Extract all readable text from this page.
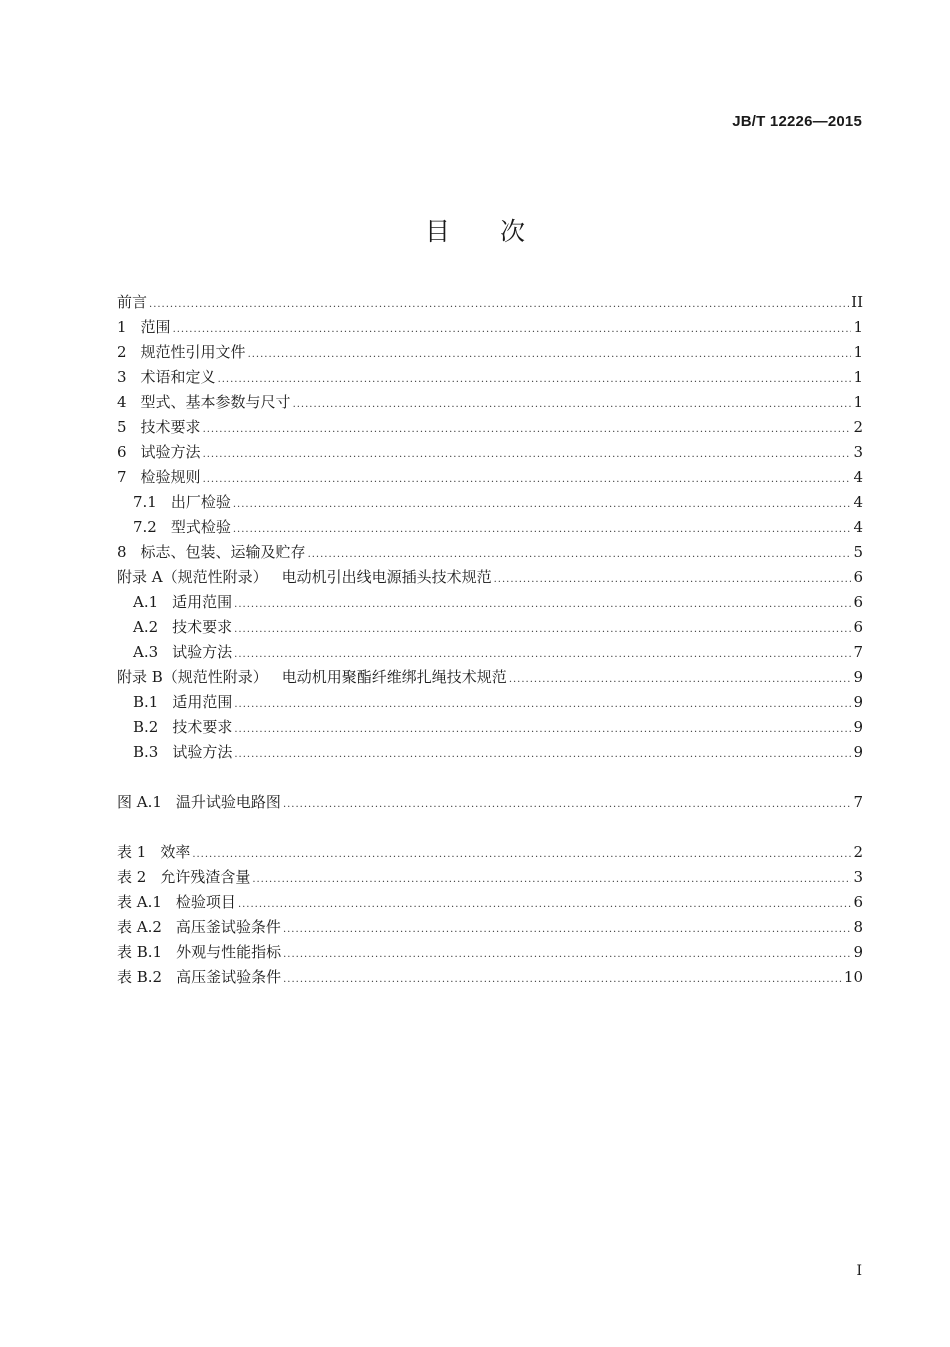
JB/T 12226—2015
目次
前言 .....	II
1 范围 .....	1
2 规范性引用文件 .....	1
3 术语和定义 .....	1
4 型式、基本参数与尺寸 .....	1
5 技术要求 .....	2
6 试验方法 .....	3
7 检验规则 .....	4
7.1 出厂检验 .....	4
7.2 型式检验 .....	4
8 标志、包装、运输及贮存 .....	5
附录 A（规范性附录） 电动机引出线电源插头技术规范 .....	6
A.1 适用范围 .....	6
A.2 技术要求 .....	6
A.3 试验方法 .....	7
附录 B（规范性附录） 电动机用聚酯纤维绑扎绳技术规范 .....	9
B.1 适用范围 .....	9
B.2 技术要求 .....	9
B.3 试验方法 .....	9
图 A.1 温升试验电路图 .....	7
表 1 效率 .....	2
表 2 允许残渣含量 .....	3
表 A.1 检验项目 .....	6
表 A.2 高压釜试验条件 .....	8
表 B.1 外观与性能指标 .....	9
表 B.2 高压釜试验条件 .....	10
I
